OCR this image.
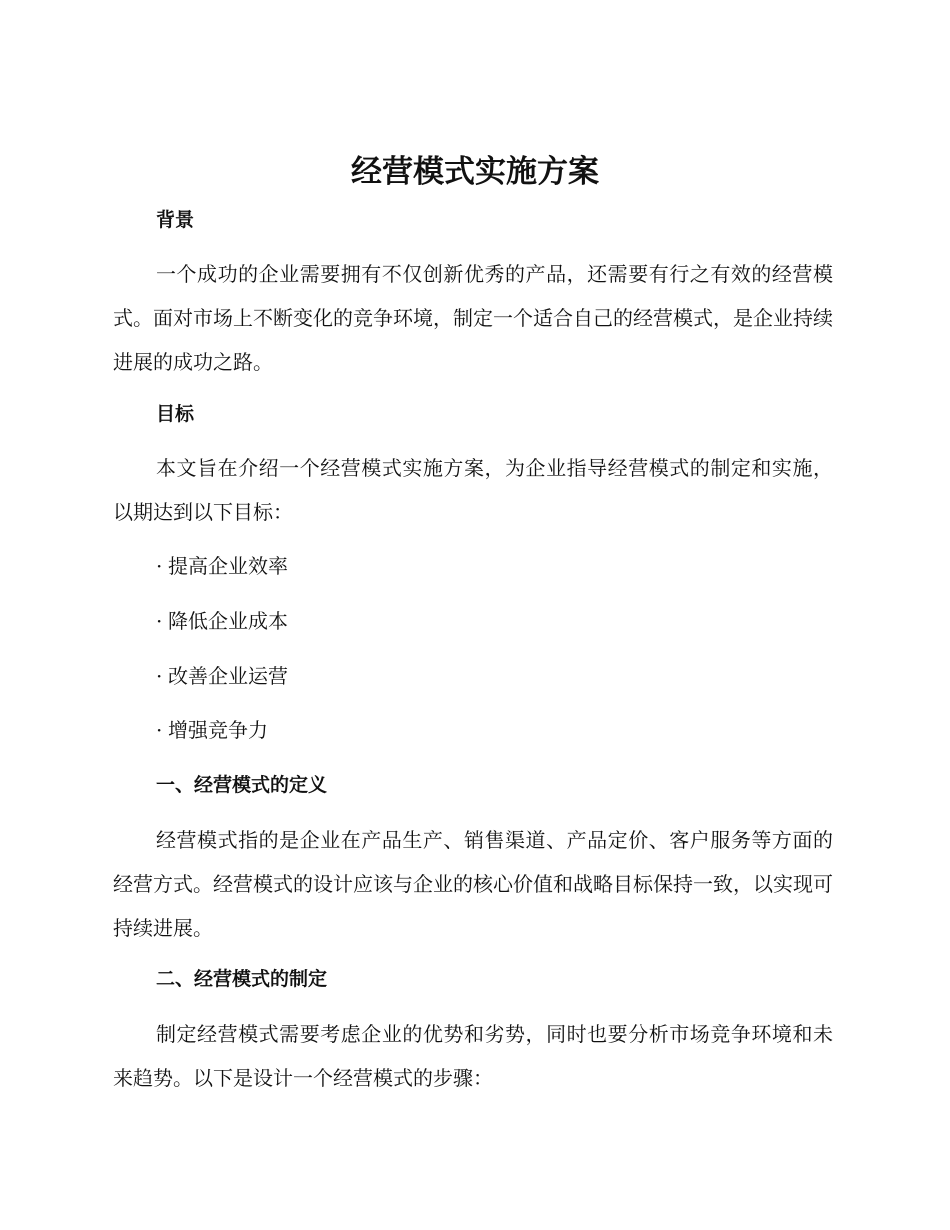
经营模式实施方案
背景

一个成功的企业需要拥有不仅创新优秀的产品，还需要有行之有效的经营模式。面对市场上不断变化的竞争环境，制定一个适合自己的经营模式，是企业持续进展的成功之路。

目标

本文旨在介绍一个经营模式实施方案，为企业指导经营模式的制定和实施，以期达到以下目标：

· 提高企业效率
· 降低企业成本
· 改善企业运营
· 增强竞争力
一、经营模式的定义

经营模式指的是企业在产品生产、销售渠道、产品定价、客户服务等方面的经营方式。经营模式的设计应该与企业的核心价值和战略目标保持一致，以实现可持续进展。

二、经营模式的制定

制定经营模式需要考虑企业的优势和劣势，同时也要分析市场竞争环境和未来趋势。以下是设计一个经营模式的步骤：
